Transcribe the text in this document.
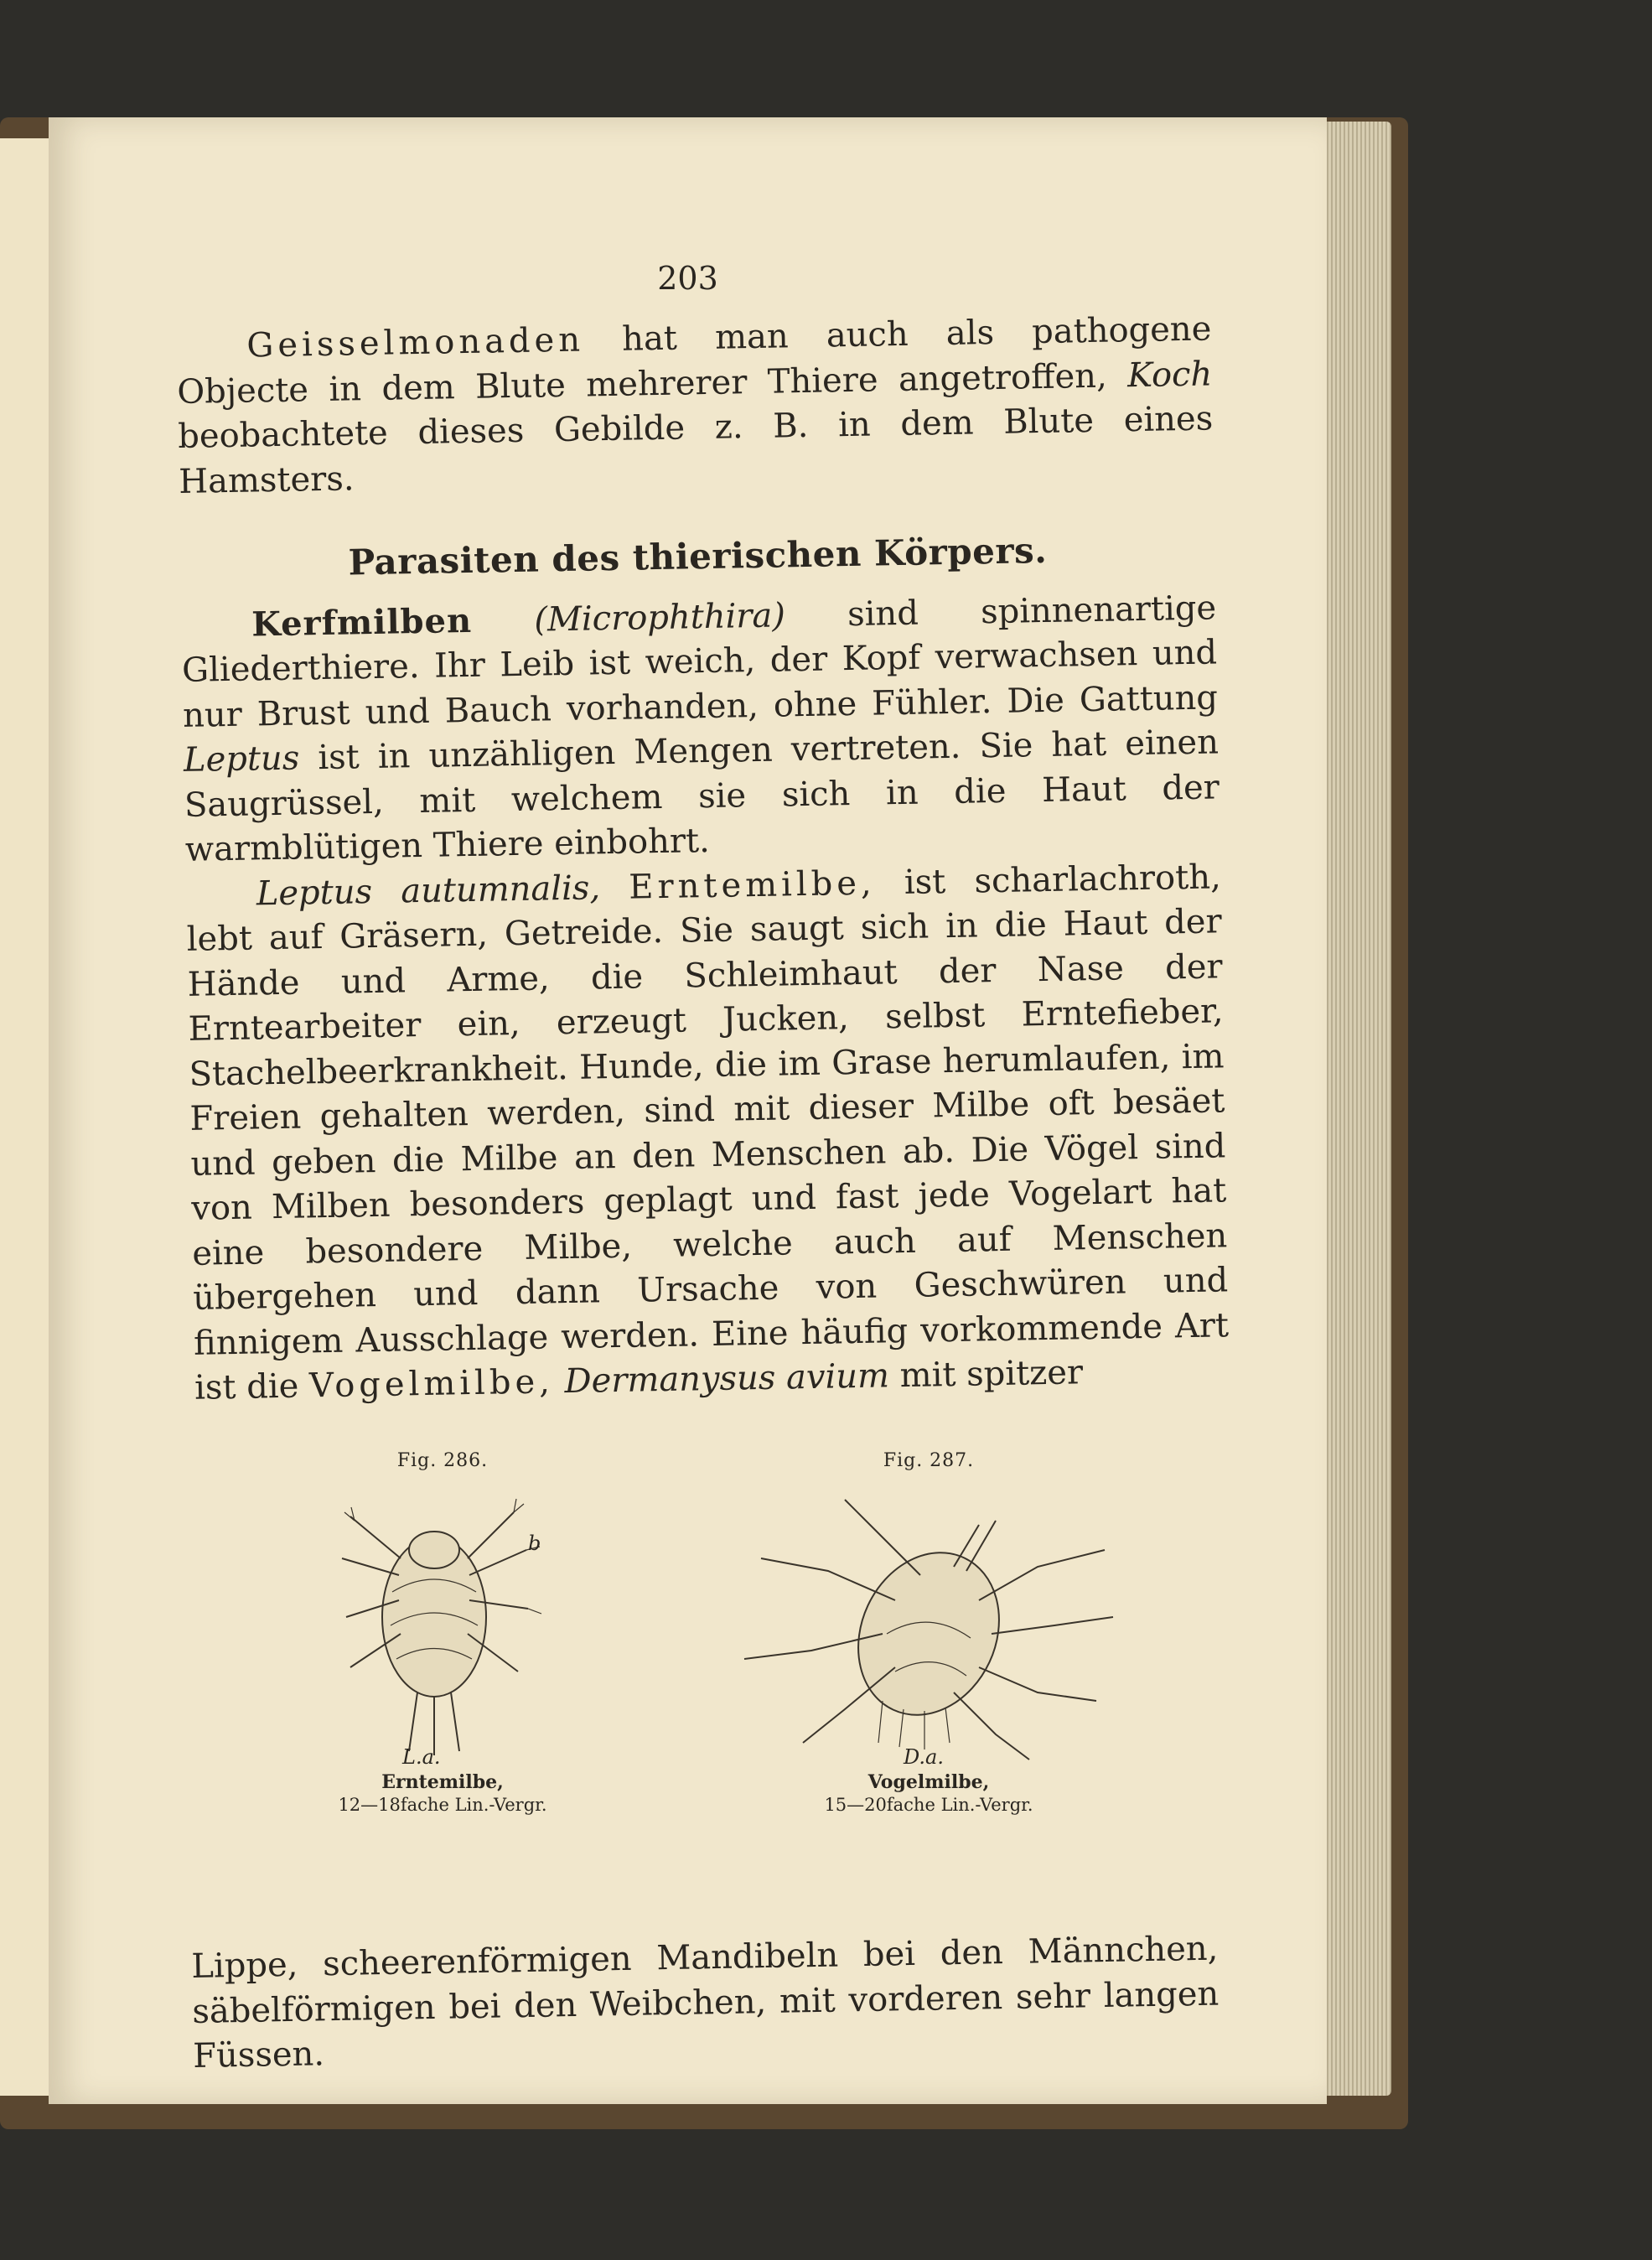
203

Geisselmonaden hat man auch als pathogene Objecte in dem Blute mehrerer Thiere angetroffen, Koch beobachtete dieses Gebilde z. B. in dem Blute eines Hamsters.

Parasiten des thierischen Körpers.

Kerfmilben (Microphthira) sind spinnenartige Gliederthiere. Ihr Leib ist weich, der Kopf verwachsen und nur Brust und Bauch vorhanden, ohne Fühler. Die Gattung Leptus ist in unzähligen Mengen vertreten. Sie hat einen Saugrüssel, mit welchem sie sich in die Haut der warmblütigen Thiere einbohrt.

Leptus autumnalis, Erntemilbe, ist scharlachroth, lebt auf Gräsern, Getreide. Sie saugt sich in die Haut der Hände und Arme, die Schleimhaut der Nase der Erntearbeiter ein, erzeugt Jucken, selbst Erntefieber, Stachelbeerkrankheit. Hunde, die im Grase herumlaufen, im Freien gehalten werden, sind mit dieser Milbe oft besäet und geben die Milbe an den Menschen ab. Die Vögel sind von Milben besonders geplagt und fast jede Vogelart hat eine besondere Milbe, welche auch auf Menschen übergehen und dann Ursache von Geschwüren und finnigem Ausschlage werden. Eine häufig vorkommende Art ist die Vogelmilbe, Dermanysus avium mit spitzer

Fig. 286.
b
L.a.
Erntemilbe,
12—18fache Lin.-Vergr.
Fig. 287.
D.a.
Vogelmilbe,
15—20fache Lin.-Vergr.

Lippe, scheerenförmigen Mandibeln bei den Männchen, säbelförmigen bei den Weibchen, mit vorderen sehr langen Füssen.
